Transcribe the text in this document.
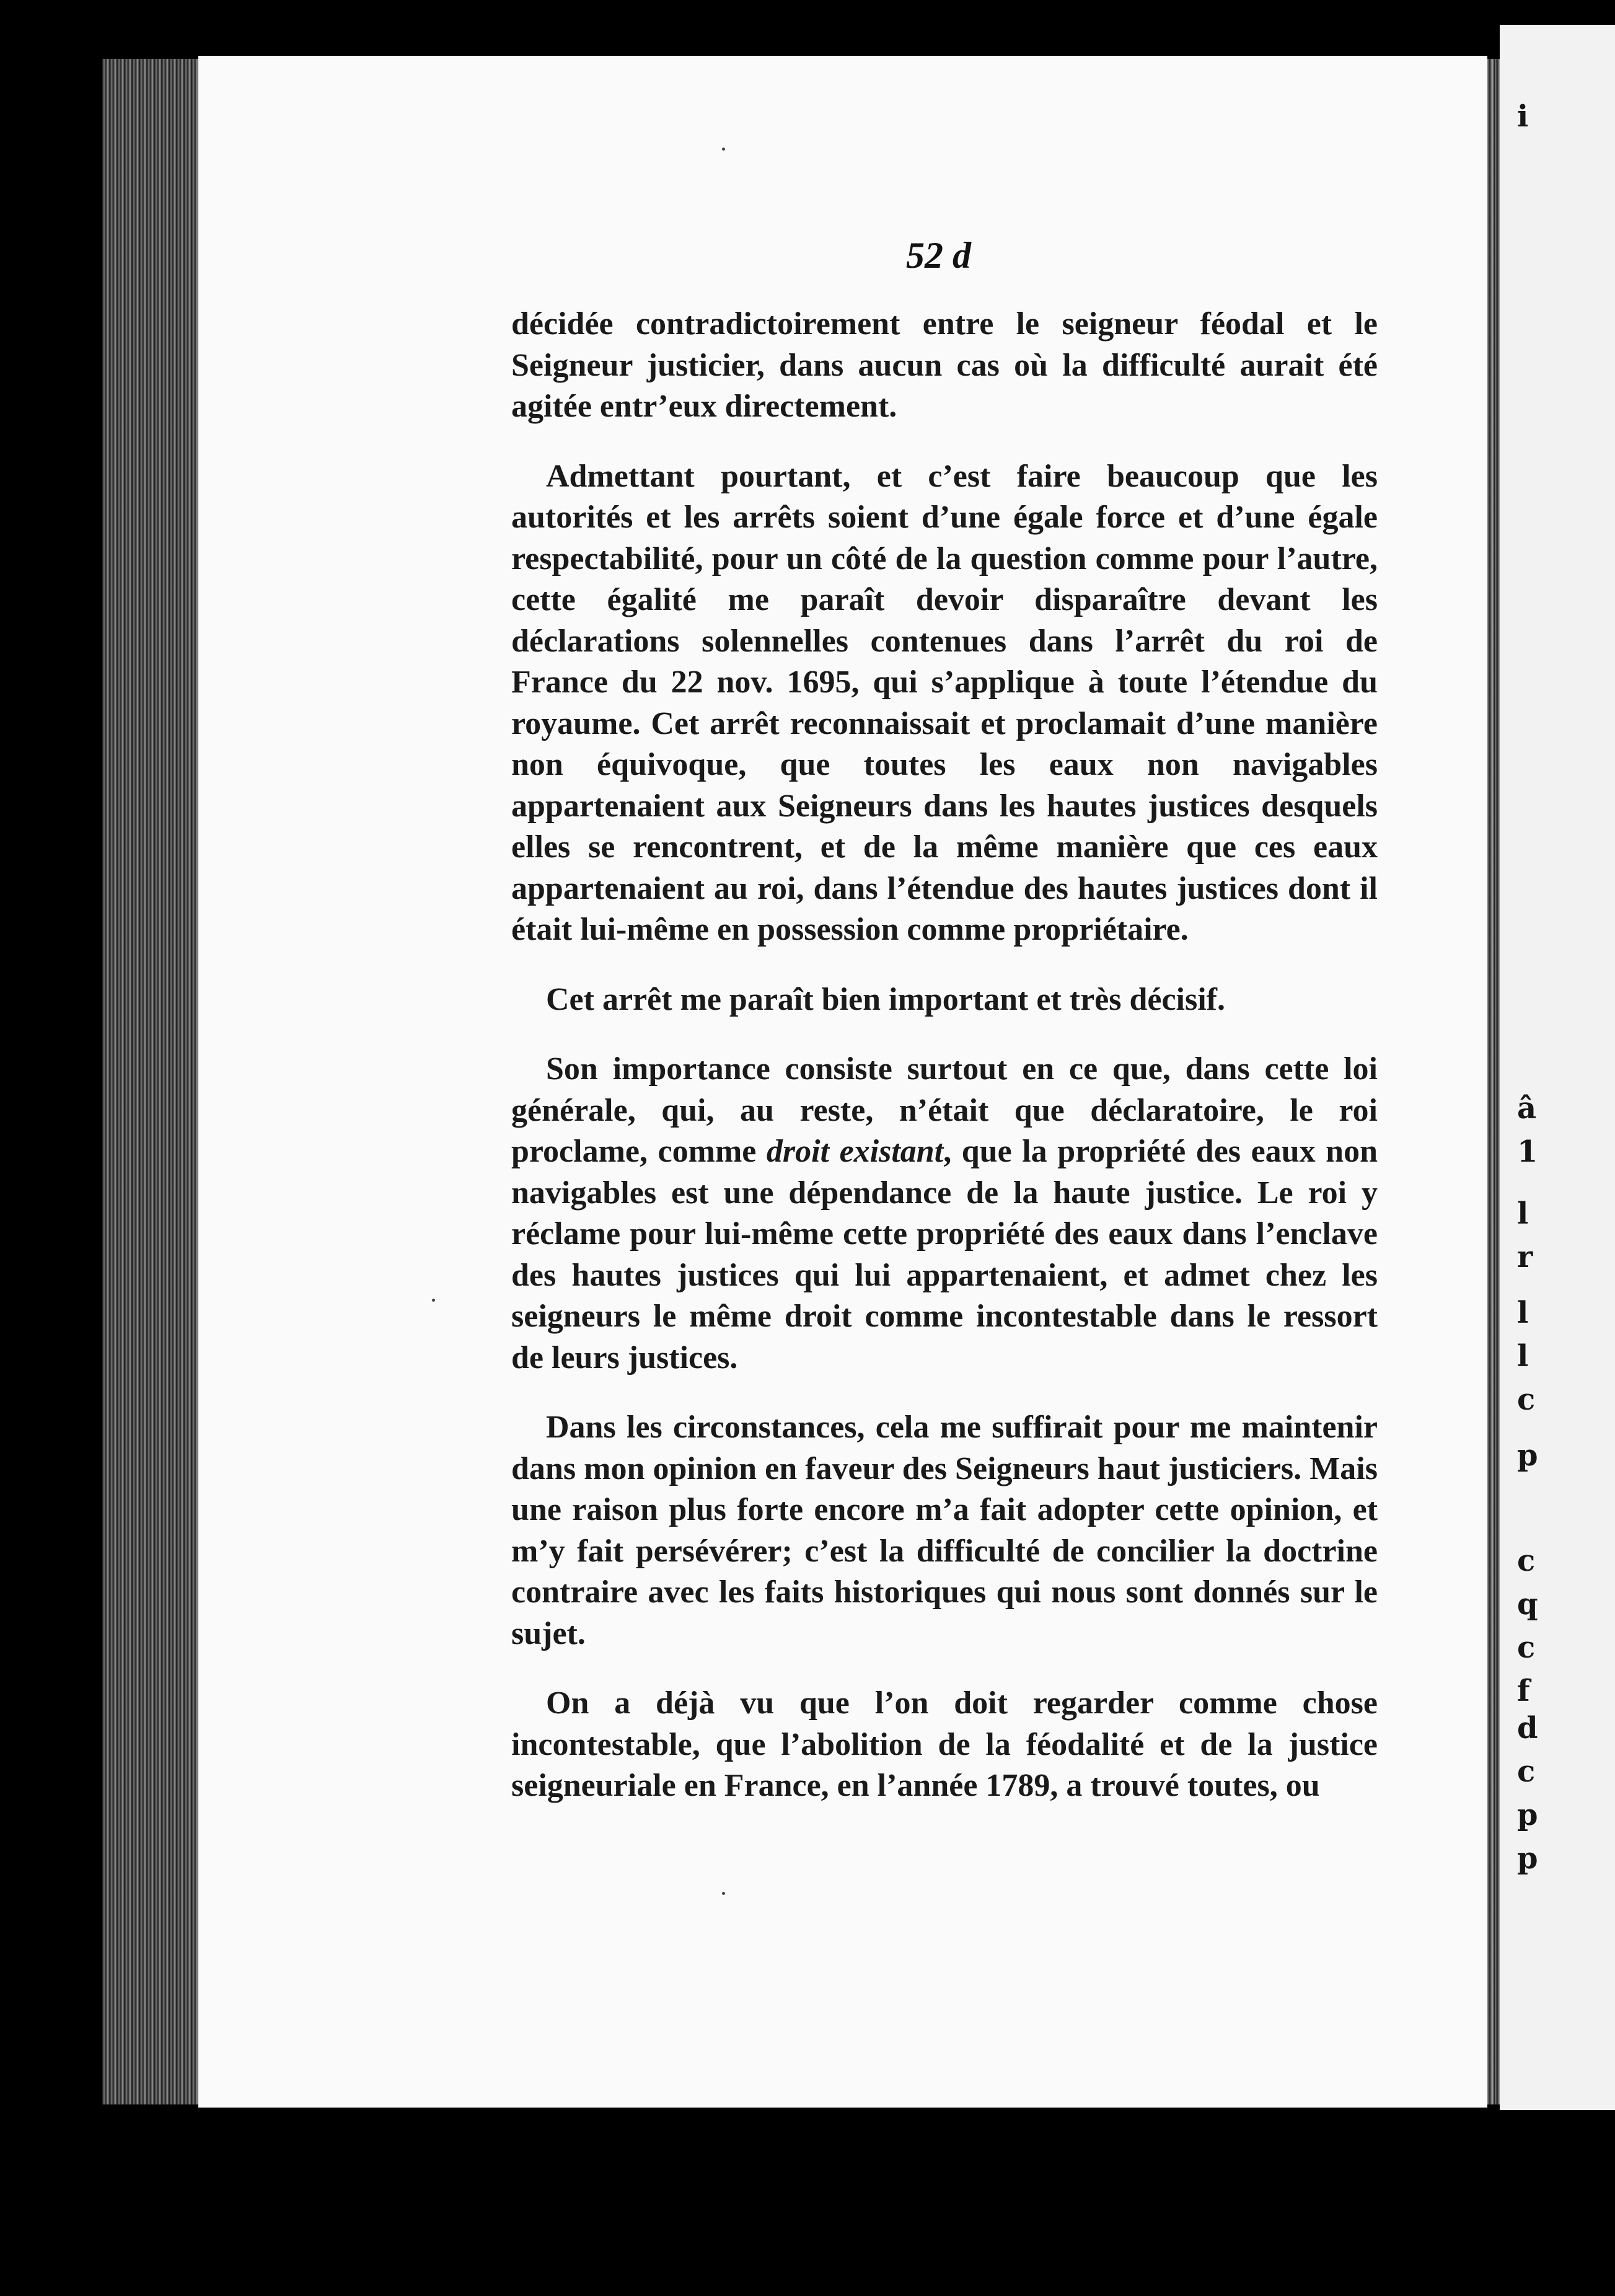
i
â
1
l
r
l
l
c
p
c
q
c
f
d
c
p
p
52 d

décidée contradictoirement entre le seigneur féodal et le Seigneur justicier, dans aucun cas où la difficulté aurait été agitée entr’eux directement.

Admettant pourtant, et c’est faire beaucoup que les autorités et les arrêts soient d’une égale force et d’une égale respectabilité, pour un côté de la question comme pour l’autre, cette égalité me paraît devoir disparaître devant les déclarations solennelles contenues dans l’arrêt du roi de France du 22 nov. 1695, qui s’applique à toute l’étendue du royaume. Cet arrêt reconnaissait et proclamait d’une manière non équivoque, que toutes les eaux non navigables appartenaient aux Seigneurs dans les hautes justices desquels elles se rencontrent, et de la même manière que ces eaux appartenaient au roi, dans l’étendue des hautes justices dont il était lui-même en possession comme propriétaire.

Cet arrêt me paraît bien important et très décisif.

Son importance consiste surtout en ce que, dans cette loi générale, qui, au reste, n’était que déclaratoire, le roi proclame, comme droit existant, que la propriété des eaux non navigables est une dépendance de la haute justice. Le roi y réclame pour lui-même cette propriété des eaux dans l’enclave des hautes justices qui lui appartenaient, et admet chez les seigneurs le même droit comme incontestable dans le ressort de leurs justices.

Dans les circonstances, cela me suffirait pour me maintenir dans mon opinion en faveur des Seigneurs haut justiciers. Mais une raison plus forte encore m’a fait adopter cette opinion, et m’y fait persévérer; c’est la difficulté de concilier la doctrine contraire avec les faits historiques qui nous sont donnés sur le sujet.

On a déjà vu que l’on doit regarder comme chose incontestable, que l’abolition de la féodalité et de la justice seigneuriale en France, en l’année 1789, a trouvé toutes, ou
